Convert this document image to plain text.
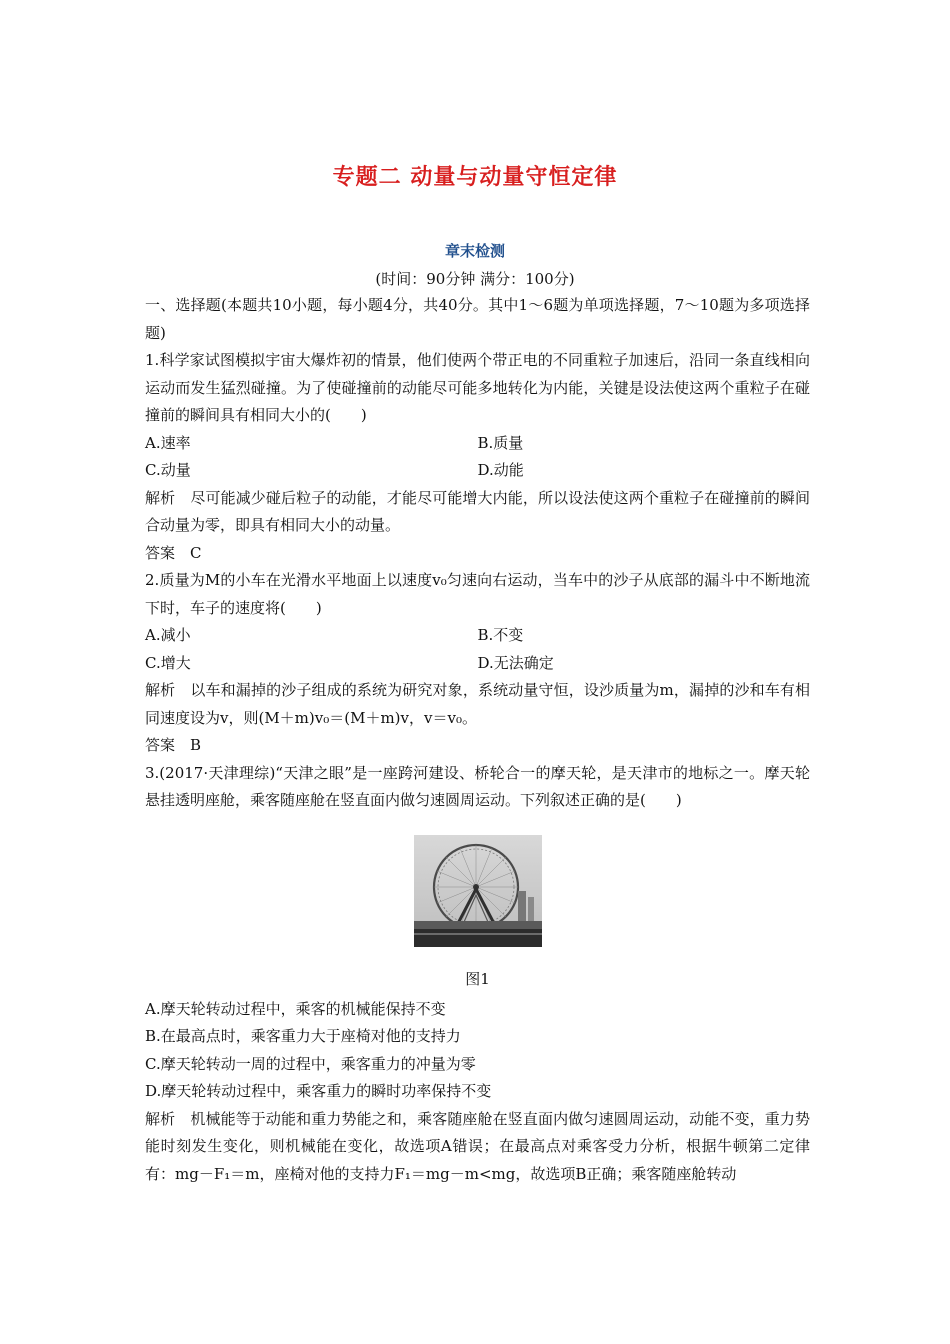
专题二 动量与动量守恒定律
章末检测
(时间：90分钟 满分：100分)

一、选择题(本题共10小题，每小题4分，共40分。其中1～6题为单项选择题，7～10题为多项选择题)

1.科学家试图模拟宇宙大爆炸初的情景，他们使两个带正电的不同重粒子加速后，沿同一条直线相向运动而发生猛烈碰撞。为了使碰撞前的动能尽可能多地转化为内能，关键是设法使这两个重粒子在碰撞前的瞬间具有相同大小的(　　)

A.速率	B.质量
C.动量	D.动能

解析　尽可能减少碰后粒子的动能，才能尽可能增大内能，所以设法使这两个重粒子在碰撞前的瞬间合动量为零，即具有相同大小的动量。

答案　C

2.质量为M的小车在光滑水平地面上以速度v₀匀速向右运动，当车中的沙子从底部的漏斗中不断地流下时，车子的速度将(　　)

A.减小	B.不变
C.增大	D.无法确定

解析　以车和漏掉的沙子组成的系统为研究对象，系统动量守恒，设沙质量为m，漏掉的沙和车有相同速度设为v，则(M＋m)v₀＝(M＋m)v，v＝v₀。

答案　B

3.(2017·天津理综)“天津之眼”是一座跨河建设、桥轮合一的摩天轮，是天津市的地标之一。摩天轮悬挂透明座舱，乘客随座舱在竖直面内做匀速圆周运动。下列叙述正确的是(　　)

图1

A.摩天轮转动过程中，乘客的机械能保持不变

B.在最高点时，乘客重力大于座椅对他的支持力

C.摩天轮转动一周的过程中，乘客重力的冲量为零

D.摩天轮转动过程中，乘客重力的瞬时功率保持不变

解析　机械能等于动能和重力势能之和，乘客随座舱在竖直面内做匀速圆周运动，动能不变，重力势能时刻发生变化，则机械能在变化，故选项A错误；在最高点对乘客受力分析，根据牛顿第二定律有：mg－F₁＝m，座椅对他的支持力F₁＝mg－m<mg，故选项B正确；乘客随座舱转动
